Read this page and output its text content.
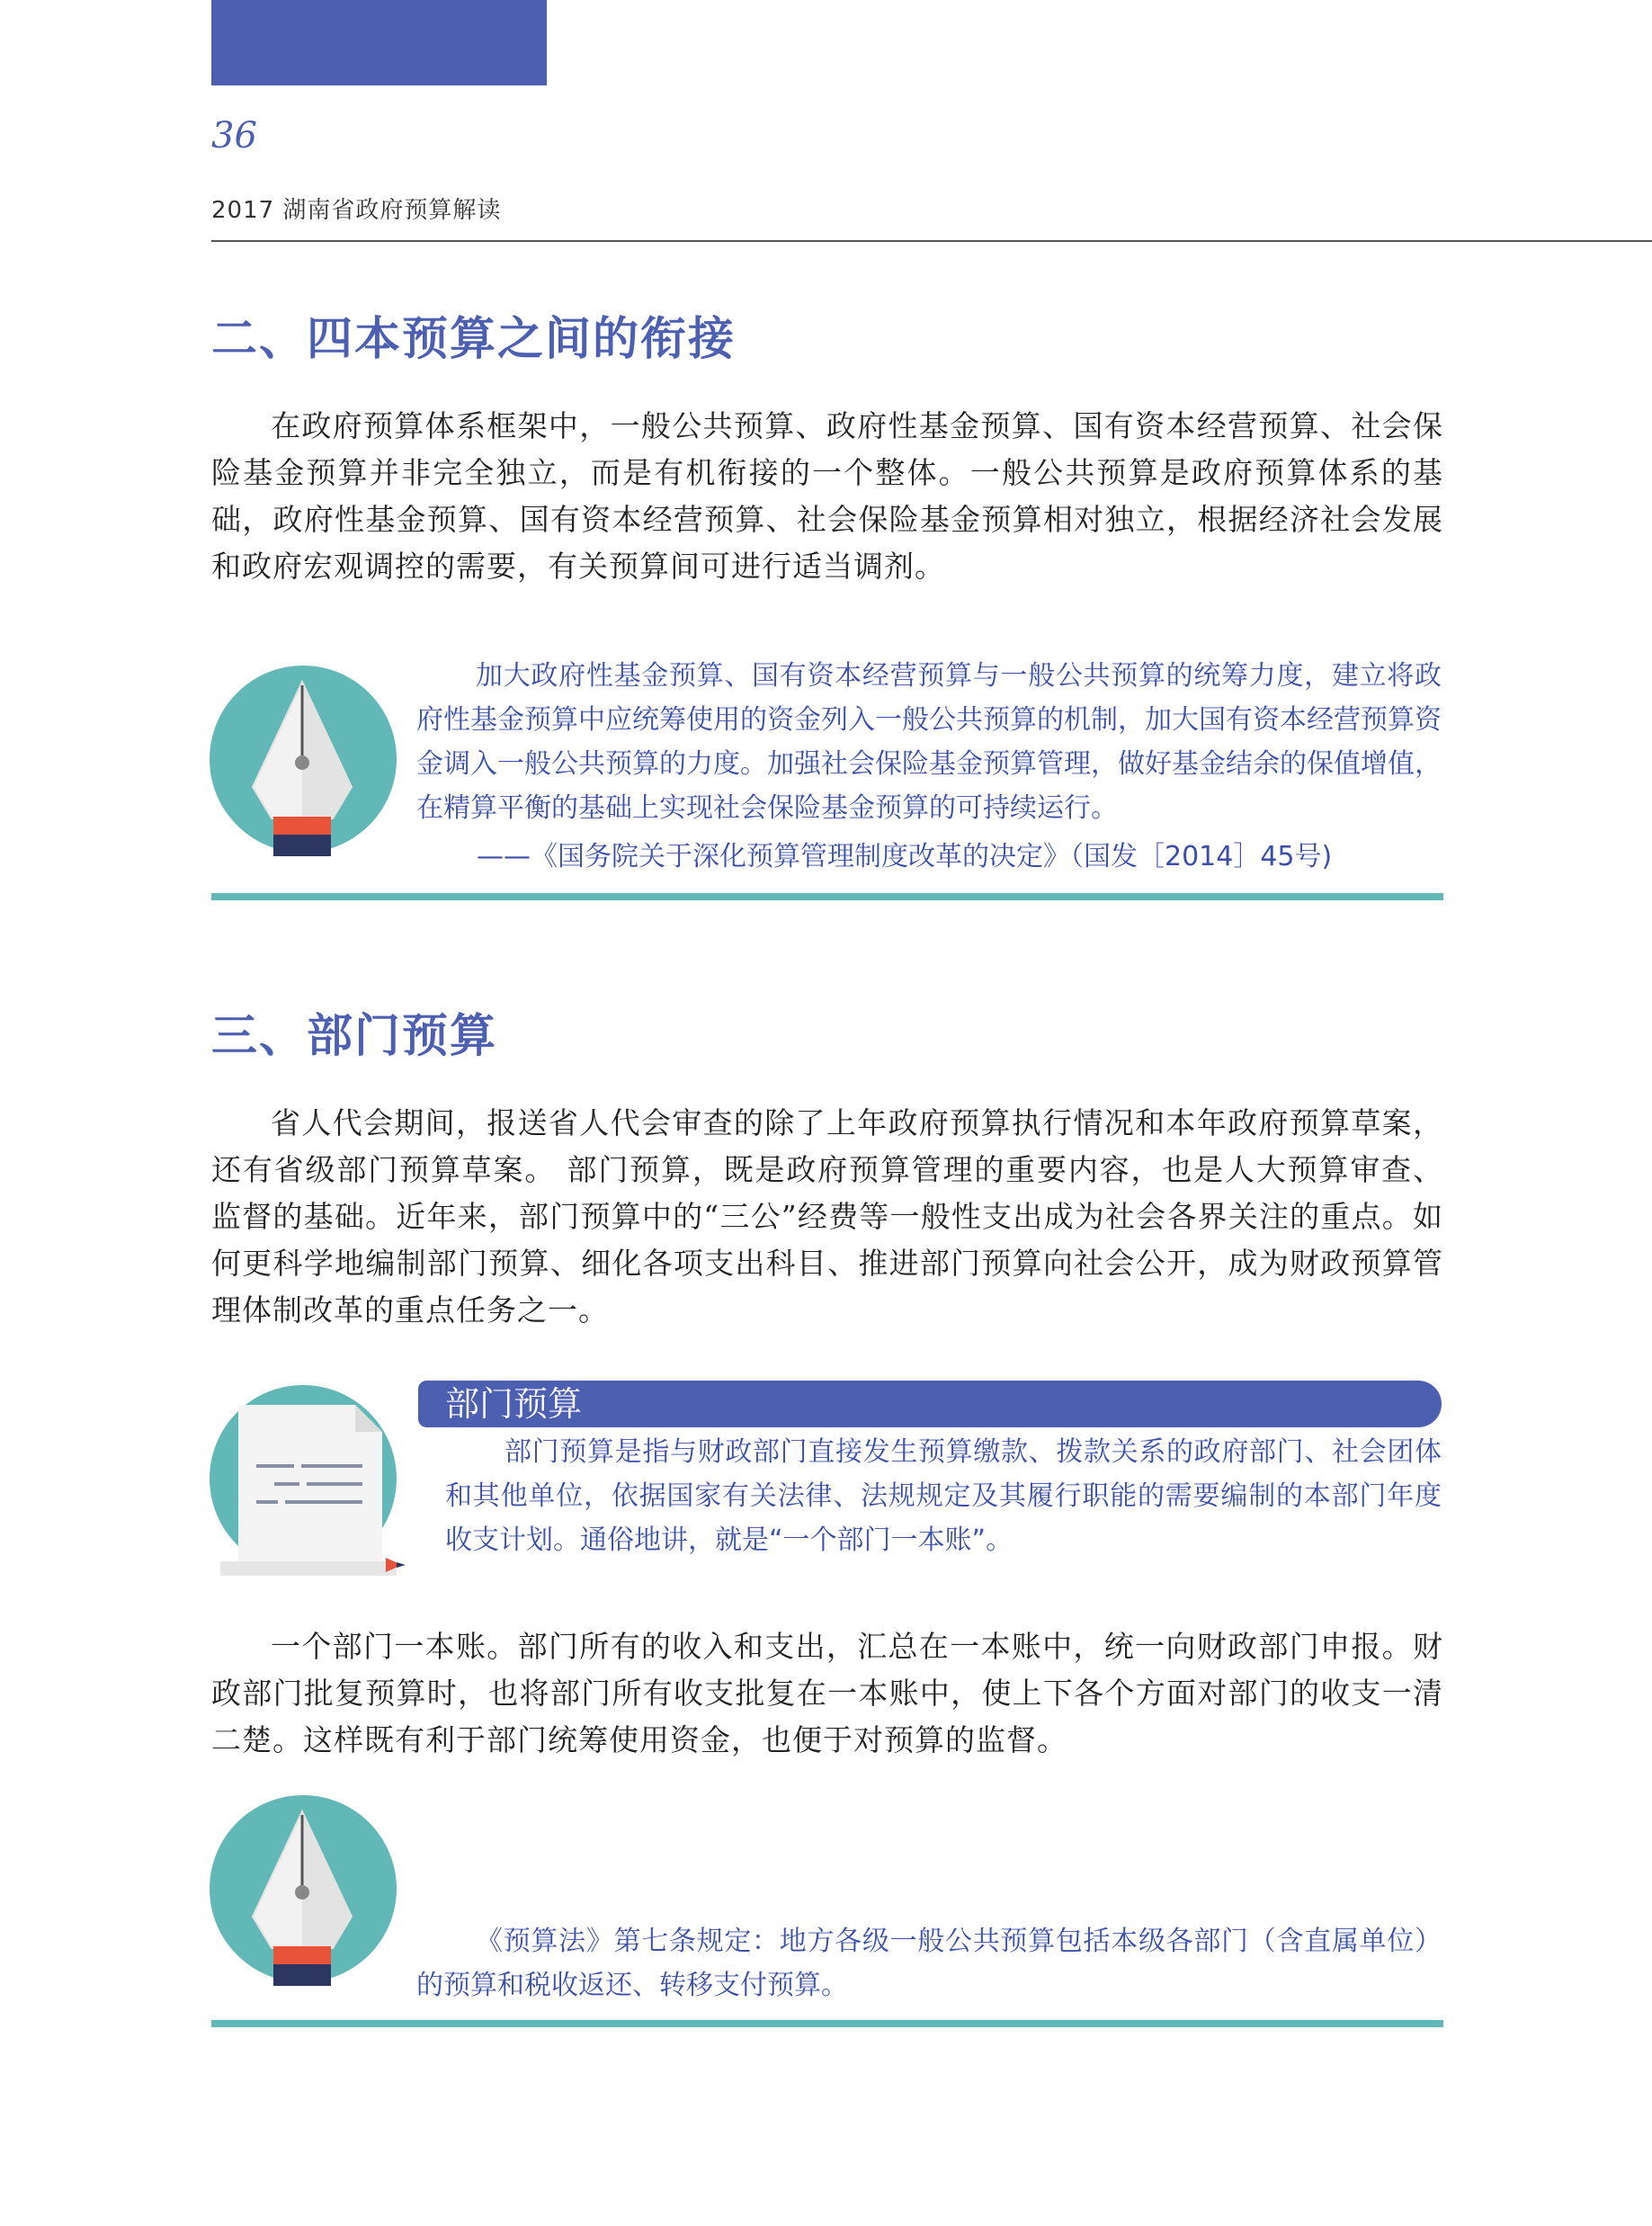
36
2017 湖南省政府预算解读
二、四本预算之间的衔接

在政府预算体系框架中，一般公共预算、政府性基金预算、国有资本经营预算、社会保险基金预算并非完全独立，而是有机衔接的一个整体。一般公共预算是政府预算体系的基础，政府性基金预算、国有资本经营预算、社会保险基金预算相对独立，根据经济社会发展和政府宏观调控的需要，有关预算间可进行适当调剂。

加大政府性基金预算、国有资本经营预算与一般公共预算的统筹力度，建立将政府性基金预算中应统筹使用的资金列入一般公共预算的机制，加大国有资本经营预算资金调入一般公共预算的力度。加强社会保险基金预算管理，做好基金结余的保值增值，在精算平衡的基础上实现社会保险基金预算的可持续运行。

——《国务院关于深化预算管理制度改革的决定》（国发［2014］45号)
三、部门预算

省人代会期间，报送省人代会审查的除了上年政府预算执行情况和本年政府预算草案，还有省级部门预算草案。 部门预算，既是政府预算管理的重要内容，也是人大预算审查、监督的基础。近年来，部门预算中的“三公”经费等一般性支出成为社会各界关注的重点。如何更科学地编制部门预算、细化各项支出科目、推进部门预算向社会公开，成为财政预算管理体制改革的重点任务之一。

部门预算

部门预算是指与财政部门直接发生预算缴款、拨款关系的政府部门、社会团体和其他单位，依据国家有关法律、法规规定及其履行职能的需要编制的本部门年度收支计划。通俗地讲，就是“一个部门一本账”。

一个部门一本账。部门所有的收入和支出，汇总在一本账中，统一向财政部门申报。财政部门批复预算时，也将部门所有收支批复在一本账中，使上下各个方面对部门的收支一清二楚。这样既有利于部门统筹使用资金，也便于对预算的监督。

《预算法》第七条规定：地方各级一般公共预算包括本级各部门（含直属单位）的预算和税收返还、转移支付预算。
